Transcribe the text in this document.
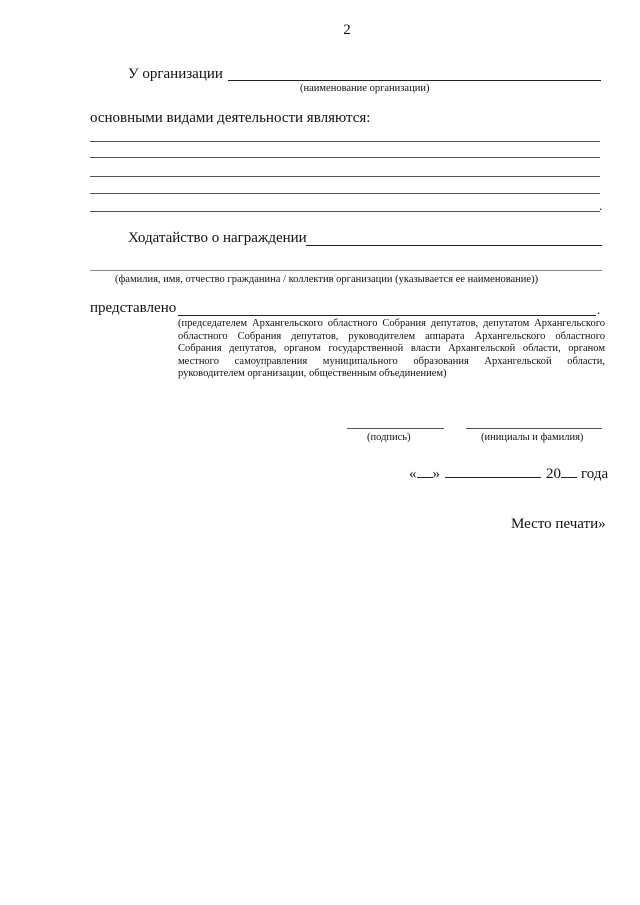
2
У организации
(наименование организации)
основными видами деятельности являются:
.
Ходатайство о награждении
(фамилия, имя, отчество гражданина / коллектив организации (указывается ее наименование))
представлено	.
(председателем Архангельского областного Собрания депутатов, депутатом Архангельского областного Собрания депутатов, руководителем аппарата Архангельского областного Собрания депутатов, органом государственной власти Архангельской области, органом местного самоуправления муниципального образования Архангельской области, руководителем организации, общественным объединением)
(подпись)	(инициалы и фамилия)
« »	20 года
Место печати»
